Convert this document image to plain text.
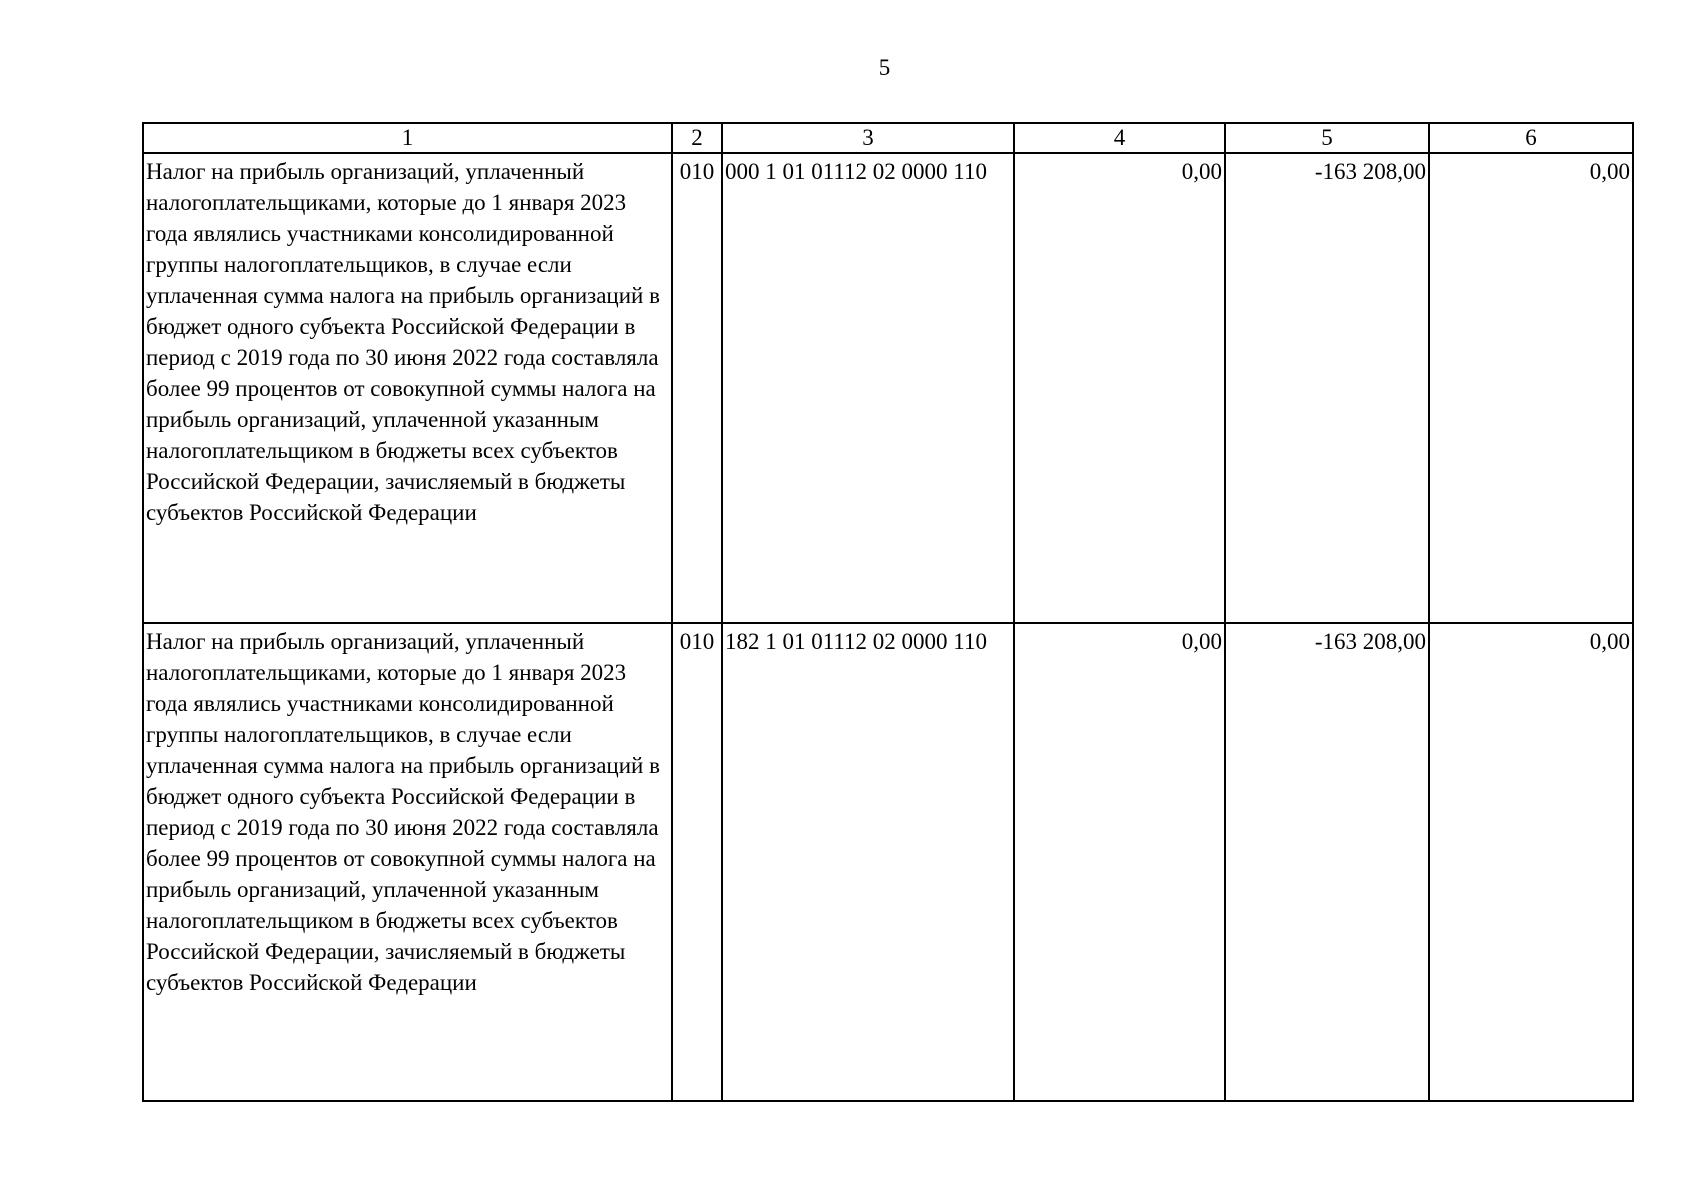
5
1	2	3	4	5	6
Налог на прибыль организаций, уплаченный налогоплательщиками, которые до 1 января 2023 года являлись участниками консолидированной группы налогоплательщиков, в случае если уплаченная сумма налога на прибыль организаций в бюджет одного субъекта Российской Федерации в период с 2019 года по 30 июня 2022 года составляла более 99 процентов от совокупной суммы налога на прибыль организаций, уплаченной указанным налогоплательщиком в бюджеты всех субъектов Российской Федерации, зачисляемый в бюджеты субъектов Российской Федерации	010	000 1 01 01112 02 0000 110	0,00	-163 208,00	0,00
Налог на прибыль организаций, уплаченный налогоплательщиками, которые до 1 января 2023 года являлись участниками консолидированной группы налогоплательщиков, в случае если уплаченная сумма налога на прибыль организаций в бюджет одного субъекта Российской Федерации в период с 2019 года по 30 июня 2022 года составляла более 99 процентов от совокупной суммы налога на прибыль организаций, уплаченной указанным налогоплательщиком в бюджеты всех субъектов Российской Федерации, зачисляемый в бюджеты субъектов Российской Федерации	010	182 1 01 01112 02 0000 110	0,00	-163 208,00	0,00
